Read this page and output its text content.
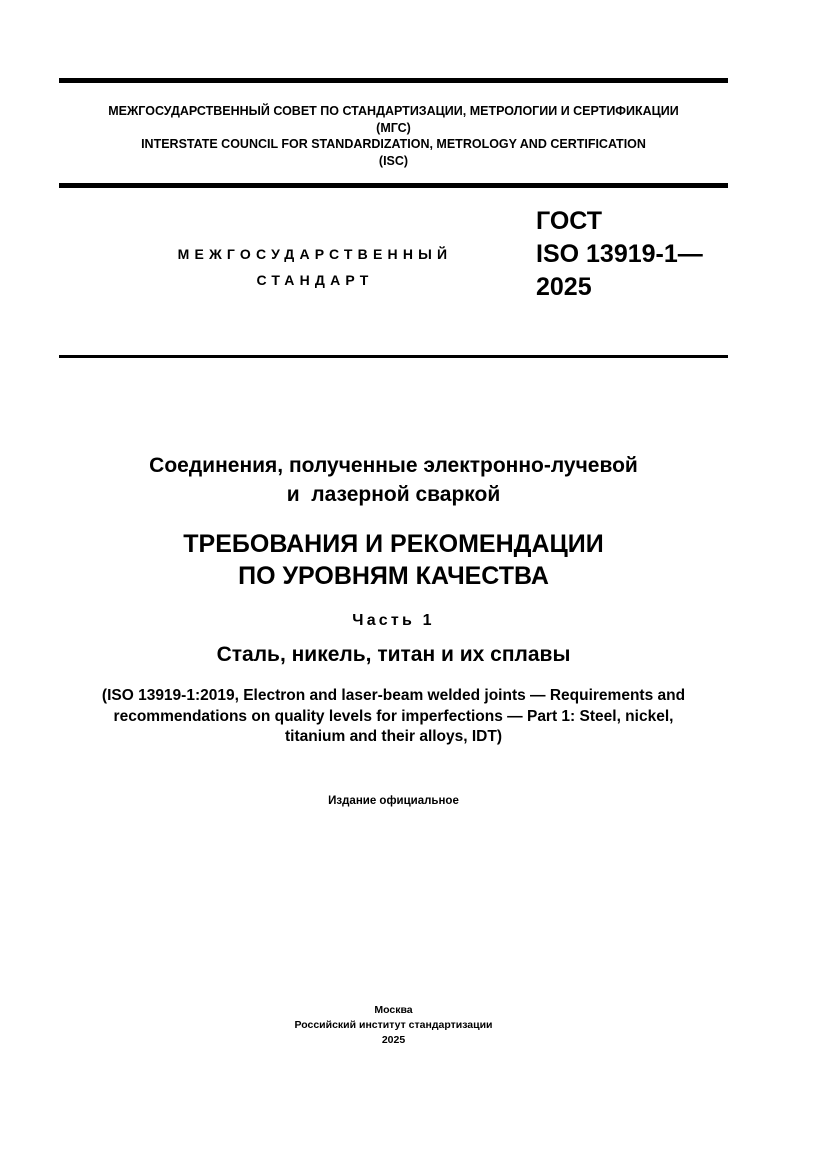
МЕЖГОСУДАРСТВЕННЫЙ СОВЕТ ПО СТАНДАРТИЗАЦИИ, МЕТРОЛОГИИ И СЕРТИФИКАЦИИ
(МГС)
INTERSTATE COUNCIL FOR STANDARDIZATION, METROLOGY AND CERTIFICATION
(ISC)
МЕЖГОСУДАРСТВЕННЫЙ
СТАНДАРТ
ГОСТ
ISO 13919-1—
2025
Соединения, полученные электронно-лучевой
и  лазерной сваркой
ТРЕБОВАНИЯ И РЕКОМЕНДАЦИИ
ПО УРОВНЯМ КАЧЕСТВА
Часть 1
Сталь, никель, титан и их сплавы
(ISO 13919-1:2019, Electron and laser-beam welded joints — Requirements and
recommendations on quality levels for imperfections — Part 1: Steel, nickel,
titanium and their alloys, IDT)
Издание официальное
Москва
Российский институт стандартизации
2025
